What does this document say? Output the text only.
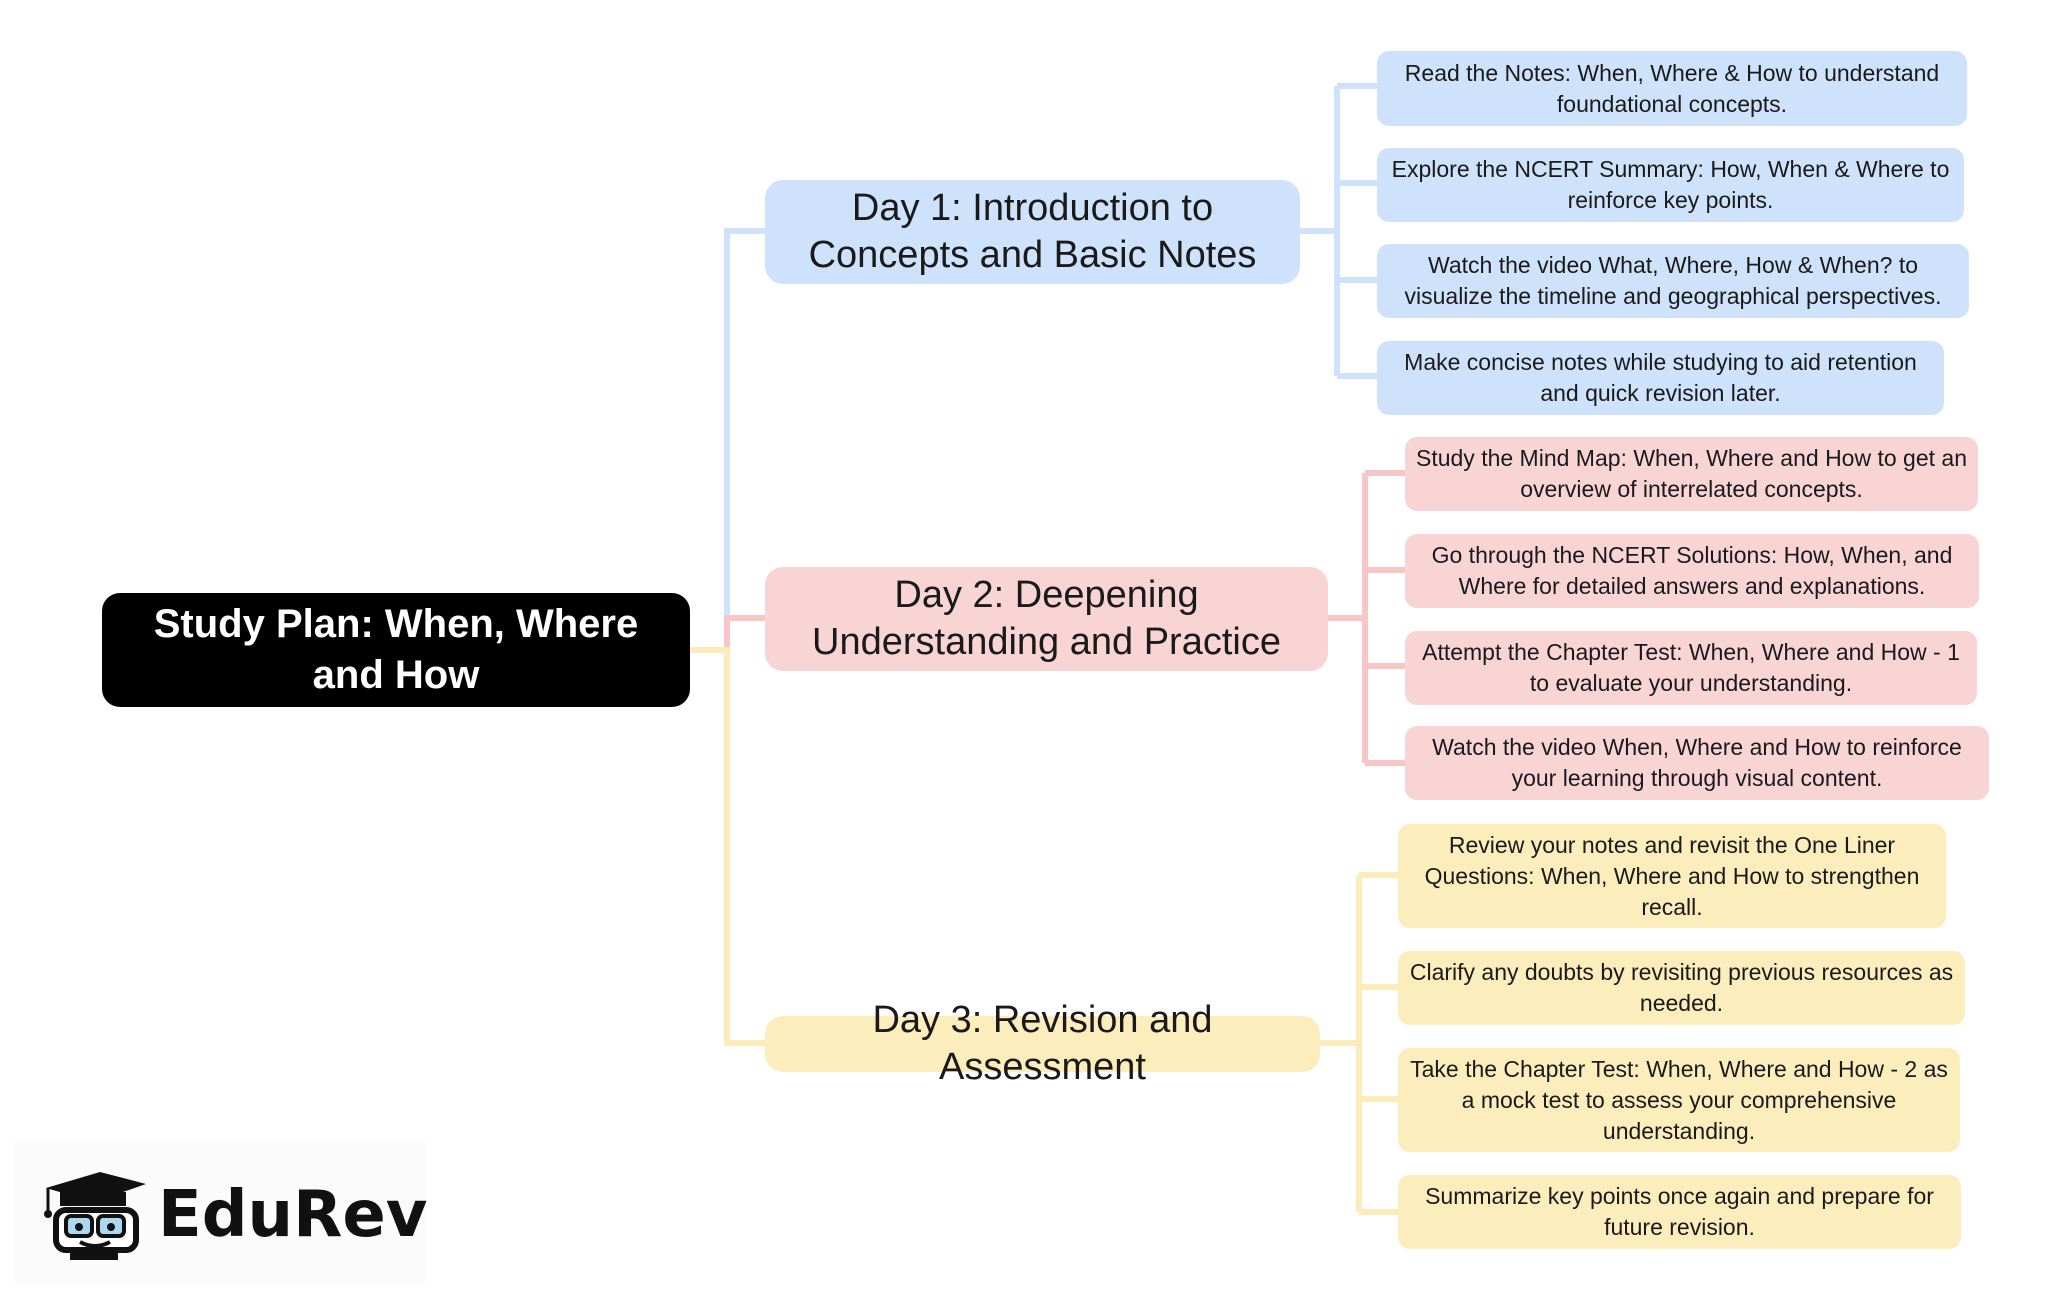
Study Plan: When, Where and How
Day 1: Introduction to Concepts and Basic Notes
Day 2: Deepening Understanding and Practice
Day 3: Revision and Assessment
Read the Notes: When, Where & How to understand foundational concepts.
Explore the NCERT Summary: How, When & Where to reinforce key points.
Watch the video What, Where, How & When? to visualize the timeline and geographical perspectives.
Make concise notes while studying to aid retention and quick revision later.
Study the Mind Map: When, Where and How to get an overview of interrelated concepts.
Go through the NCERT Solutions: How, When, and Where for detailed answers and explanations.
Attempt the Chapter Test: When, Where and How - 1 to evaluate your understanding.
Watch the video When, Where and How to reinforce your learning through visual content.
Review your notes and revisit the One Liner Questions: When, Where and How to strengthen recall.
Clarify any doubts by revisiting previous resources as needed.
Take the Chapter Test: When, Where and How - 2 as a mock test to assess your comprehensive understanding.
Summarize key points once again and prepare for future revision.
EduRev
